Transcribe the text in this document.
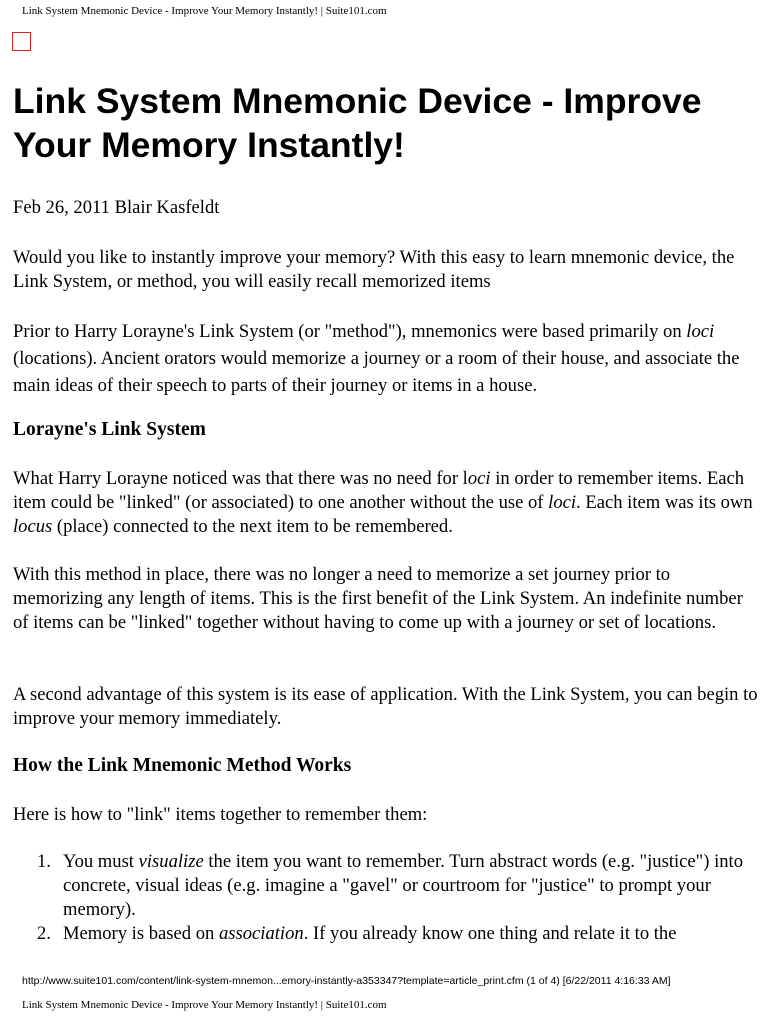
Link System Mnemonic Device - Improve Your Memory Instantly! | Suite101.com
Link System Mnemonic Device - Improve Your Memory Instantly!

Feb 26, 2011 Blair Kasfeldt

Would you like to instantly improve your memory? With this easy to learn mnemonic device, the Link System, or method, you will easily recall memorized items

Prior to Harry Lorayne's Link System (or "method"), mnemonics were based primarily on loci (locations). Ancient orators would memorize a journey or a room of their house, and associate the main ideas of their speech to parts of their journey or items in a house.

Lorayne's Link System

What Harry Lorayne noticed was that there was no need for loci in order to remember items. Each item could be "linked" (or associated) to one another without the use of loci. Each item was its own locus (place) connected to the next item to be remembered.

With this method in place, there was no longer a need to memorize a set journey prior to memorizing any length of items. This is the first benefit of the Link System. An indefinite number of items can be "linked" together without having to come up with a journey or set of locations.

A second advantage of this system is its ease of application. With the Link System, you can begin to improve your memory immediately.

How the Link Mnemonic Method Works

Here is how to "link" items together to remember them:

1. You must visualize the item you want to remember. Turn abstract words (e.g. "justice") into concrete, visual ideas (e.g. imagine a "gavel" or courtroom for "justice" to prompt your memory).
2. Memory is based on association. If you already know one thing and relate it to the
http://www.suite101.com/content/link-system-mnemon...emory-instantly-a353347?template=article_print.cfm (1 of 4) [6/22/2011 4:16:33 AM]
Link System Mnemonic Device - Improve Your Memory Instantly! | Suite101.com
